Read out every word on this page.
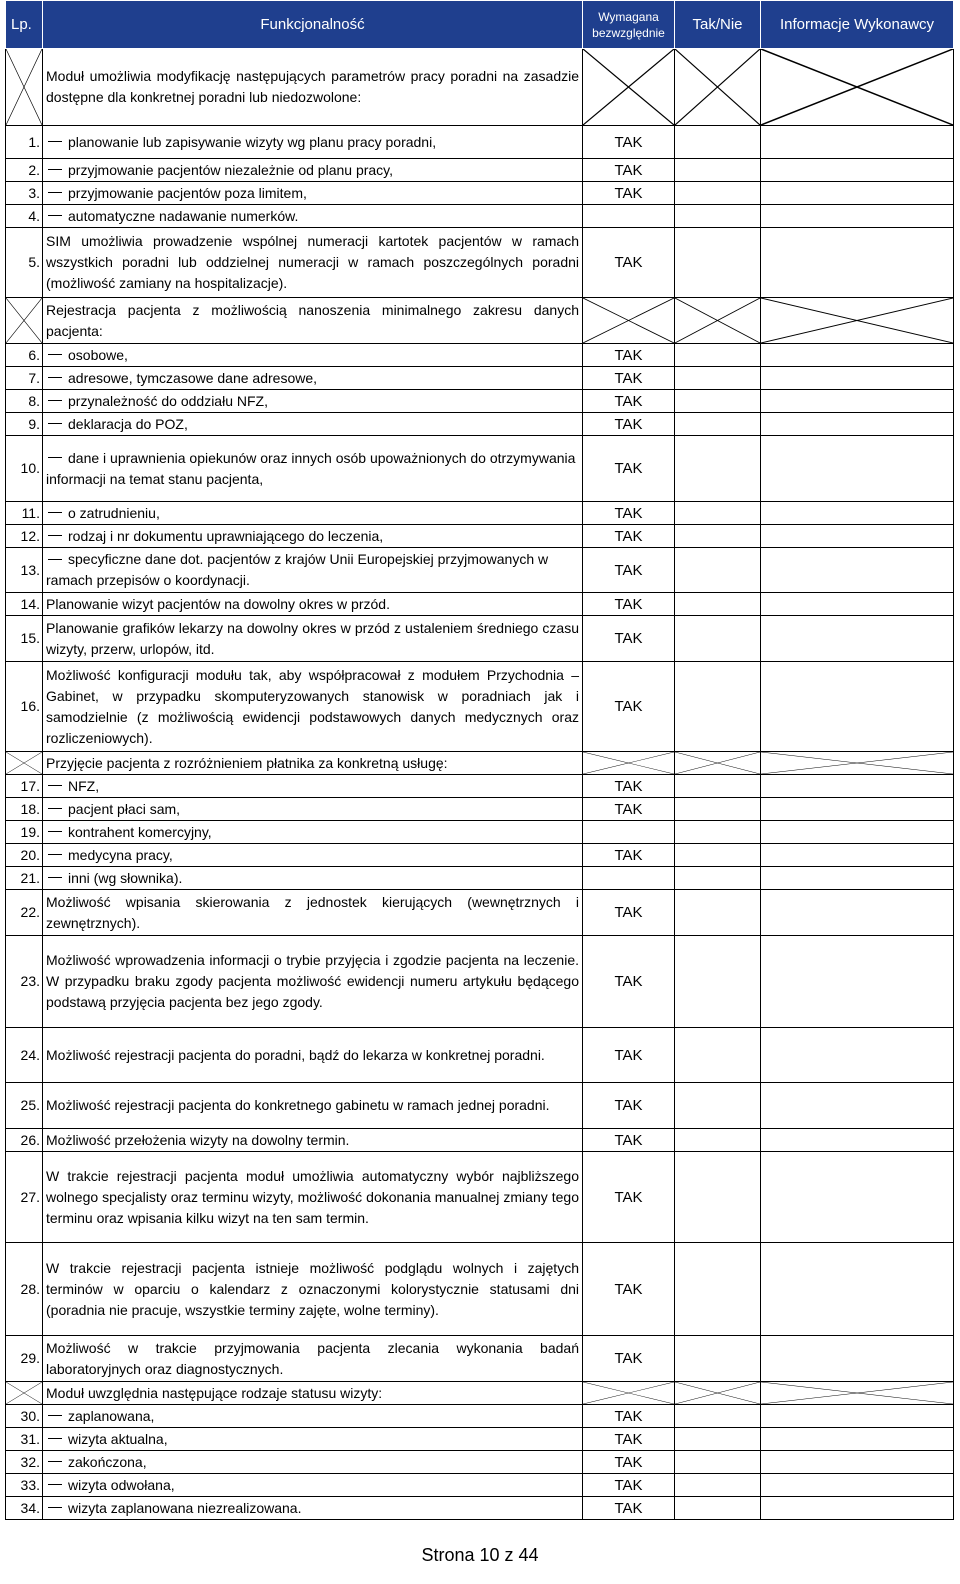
Lp.	Funkcjonalność	Wymagana bezwzględnie	Tak/Nie	Informacje Wykonawcy

	Moduł umożliwia modyfikację następujących parametrów pracy poradni na zasadzie dostępne dla konkretnej poradni lub niedozwolone:	

1.	planowanie lub zapisywanie wizyty wg planu pracy poradni,	TAK		
2.	przyjmowanie pacjentów niezależnie od planu pracy,	TAK		
3.	przyjmowanie pacjentów poza limitem,	TAK		
4.	automatyczne nadawanie numerków.			
5.	SIM umożliwia prowadzenie wspólnej numeracji kartotek pacjentów w ramach wszystkich poradni lub oddzielnej numeracji w ramach poszczególnych poradni (możliwość zamiany na hospitalizacje).	TAK		

	Rejestracja pacjenta z możliwością nanoszenia minimalnego zakresu danych pacjenta:	

6.	osobowe,	TAK		
7.	adresowe, tymczasowe dane adresowe,	TAK		
8.	przynależność do oddziału NFZ,	TAK		
9.	deklaracja do POZ,	TAK		
10.	dane i uprawnienia opiekunów oraz innych osób upoważnionych do otrzymywania informacji na temat stanu pacjenta,	TAK		
11.	o zatrudnieniu,	TAK		
12.	rodzaj i nr dokumentu uprawniającego do leczenia,	TAK		
13.	specyficzne dane dot. pacjentów z krajów Unii Europejskiej przyjmowanych w ramach przepisów o koordynacji.	TAK		
14.	Planowanie wizyt pacjentów na dowolny okres w przód.	TAK		
15.	Planowanie grafików lekarzy na dowolny okres w przód z ustaleniem średniego czasu wizyty, przerw, urlopów, itd.	TAK		
16.	Możliwość konfiguracji modułu tak, aby współpracował z modułem Przychodnia – Gabinet, w przypadku skomputeryzowanych stanowisk w poradniach jak i samodzielnie (z możliwością ewidencji podstawowych danych medycznych oraz rozliczeniowych).	TAK		

	Przyjęcie pacjenta z rozróżnieniem płatnika za konkretną usługę:	

17.	NFZ,	TAK		
18.	pacjent płaci sam,	TAK		
19.	kontrahent komercyjny,			
20.	medycyna pracy,	TAK		
21.	inni (wg słownika).			
22.	Możliwość wpisania skierowania z jednostek kierujących (wewnętrznych i zewnętrznych).	TAK		
23.	Możliwość wprowadzenia informacji o trybie przyjęcia i zgodzie pacjenta na leczenie. W przypadku braku zgody pacjenta możliwość ewidencji numeru artykułu będącego podstawą przyjęcia pacjenta bez jego zgody.	TAK		
24.	Możliwość rejestracji pacjenta do poradni, bądź do lekarza w konkretnej poradni.	TAK		
25.	Możliwość rejestracji pacjenta do konkretnego gabinetu w ramach jednej poradni.	TAK		
26.	Możliwość przełożenia wizyty na dowolny termin.	TAK		
27.	W trakcie rejestracji pacjenta moduł umożliwia automatyczny wybór najbliższego wolnego specjalisty oraz terminu wizyty, możliwość dokonania manualnej zmiany tego terminu oraz wpisania kilku wizyt na ten sam termin.	TAK		
28.	W trakcie rejestracji pacjenta istnieje możliwość podglądu wolnych i zajętych terminów w oparciu o kalendarz z oznaczonymi kolorystycznie statusami dni (poradnia nie pracuje, wszystkie terminy zajęte, wolne terminy).	TAK		
29.	Możliwość w trakcie przyjmowania pacjenta zlecania wykonania badań laboratoryjnych oraz diagnostycznych.	TAK		

	Moduł uwzględnia następujące rodzaje statusu wizyty:	

30.	zaplanowana,	TAK		
31.	wizyta aktualna,	TAK		
32.	zakończona,	TAK		
33.	wizyta odwołana,	TAK		
34.	wizyta zaplanowana niezrealizowana.	TAK		
Strona 10 z 44
